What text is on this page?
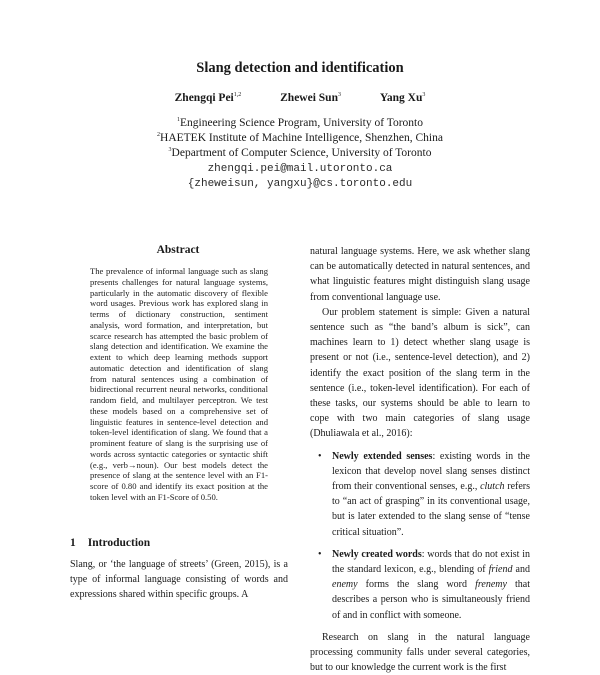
Slang detection and identification
Zhengqi Pei$^{1,2}$	Zhewei Sun$^3$	Yang Xu$^3$
$^1$Engineering Science Program, University of Toronto
$^2$HAETEK Institute of Machine Intelligence, Shenzhen, China
$^3$Department of Computer Science, University of Toronto
zhengqi.pei@mail.utoronto.ca
{zheweisun, yangxu}@cs.toronto.edu
Abstract
The prevalence of informal language such as slang presents challenges for natural language systems, particularly in the automatic discovery of flexible word usages. Previous work has explored slang in terms of dictionary construction, sentiment analysis, word formation, and interpretation, but scarce research has attempted the basic problem of slang detection and identification. We examine the extent to which deep learning methods support automatic detection and identification of slang from natural sentences using a combination of bidirectional recurrent neural networks, conditional random field, and multilayer perceptron. We test these models based on a comprehensive set of linguistic features in sentence-level detection and token-level identification of slang. We found that a prominent feature of slang is the surprising use of words across syntactic categories or syntactic shift (e.g., verb→noun). Our best models detect the presence of slang at the sentence level with an F1-score of 0.80 and identify its exact position at the token level with an F1-Score of 0.50.
1 Introduction
Slang, or ‘the language of streets’ (Green, 2015), is a type of informal language consisting of words and expressions shared within specific groups. A

natural language systems. Here, we ask whether slang can be automatically detected in natural sentences, and what linguistic features might distinguish slang usage from conventional language use.

Our problem statement is simple: Given a natural sentence such as “the band’s album is sick”, can machines learn to 1) detect whether slang usage is present or not (i.e., sentence-level detection), and 2) identify the exact position of the slang term in the sentence (i.e., token-level identification). For each of these tasks, our systems should be able to learn to cope with two main categories of slang usage (Dhuliawala et al., 2016):

• Newly extended senses: existing words in the lexicon that develop novel slang senses distinct from their conventional senses, e.g., clutch refers to “an act of grasping” in its conventional usage, but is later extended to the slang sense of “tense critical situation”.
• Newly created words: words that do not exist in the standard lexicon, e.g., blending of friend and enemy forms the slang word frenemy that describes a person who is simultaneously friend of and in conflict with someone.

Research on slang in the natural language processing community falls under several categories, but to our knowledge the current work is the first
